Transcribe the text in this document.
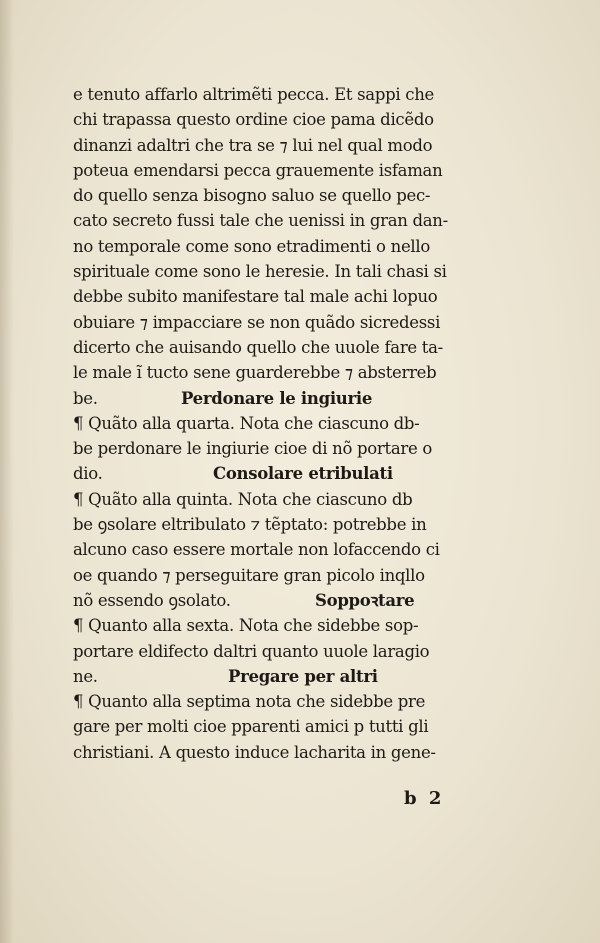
e tenuto affarlo altrimẽti pecca. Et sappi che
chi trapassa questo ordine cioe pama dicẽdo
dinanzi adaltri che tra se ⁊ lui nel qual modo
poteua emendarsi pecca grauemente isfaman
do quello senza bisogno saluo se quello pec-
cato secreto fussi tale che uenissi in gran dan-
no temporale come sono etradimenti o nello
spirituale come sono le heresie. In tali chasi si
debbe subito manifestare tal male achi lopuo
obuiare ⁊ impacciare se non quãdo sicredessi
dicerto che auisando quello che uuole fare ta-
le male ĩ tucto sene guarderebbe ⁊ absterreb
be.	Perdonare le ingiurie
¶ Quãto alla quarta. Nota che ciascuno db-
be perdonare le ingiurie cioe di nõ portare o
dio.	Consolare etribulati
¶ Quãto alla quinta. Nota che ciascuno db
be ꝯsolare eltribulato ⁊ tẽptato: potrebbe in
alcuno caso essere mortale non lofaccendo ci
oe quando ⁊ perseguitare gran picolo inqllo
nõ essendo ꝯsolato.	Soppoꝛtare
¶ Quanto alla sexta. Nota che sidebbe sop-
portare eldifecto daltri quanto uuole laragio
ne.	Pregare per altri
¶ Quanto alla septima nota che sidebbe pre
gare per molti cioe pparenti amici p tutti gli
christiani. A questo induce lacharita in gene-
b 2
